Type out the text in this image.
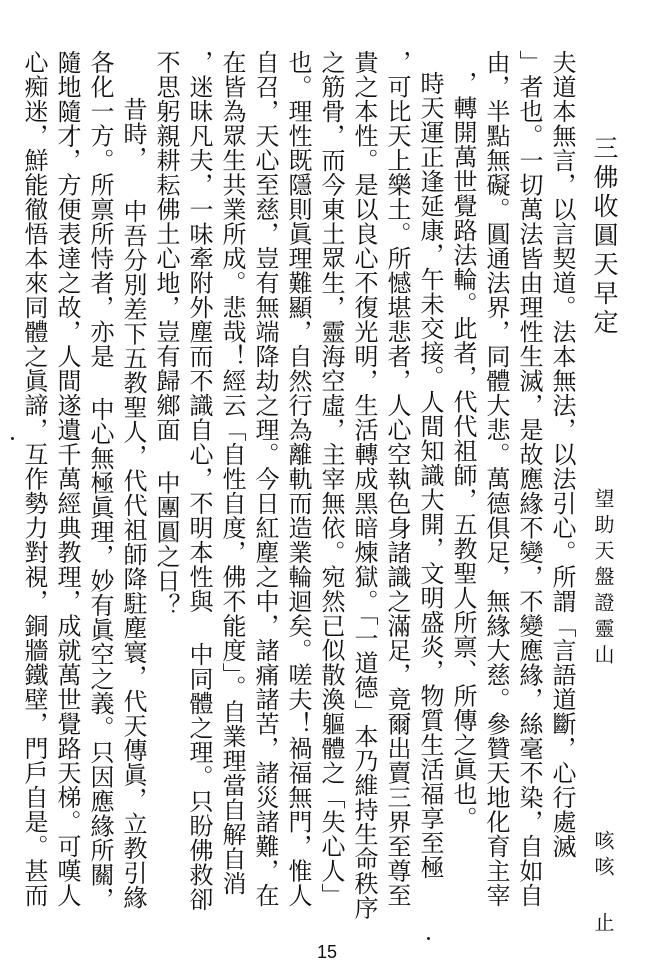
三佛收圓天早定
望助天盤證靈山
咳咳 止
夫道本無言，以言契道。法本無法，以法引心。所謂「言語道斷，心行處滅
」者也。一切萬法皆由理性生滅，是故應緣不變，不變應緣，絲毫不染，自如自
由，半點無礙。圓通法界，同體大悲。萬德俱足，無緣大慈。參贊天地化育主宰
，轉開萬世覺路法輪。此者，代代祖師，五教聖人所禀、所傳之眞也。
時天運正逢延康，午未交接。人間知識大開，文明盛炎，物質生活福享至極
，可比天上樂土。所憾堪悲者，人心空執色身諸識之滿足，竟爾出賣三界至尊至
貴之本性。是以良心不復光明，生活轉成黑暗煉獄。「一道德」本乃維持生命秩序
之筋骨，而今東土眾生，靈海空虛，主宰無依。宛然已似散渙軀體之「失心人」
也。理性既隱則眞理難顯，自然行為離軌而造業輪迴矣。嗟夫！禍福無門，惟人
自召，天心至慈，豈有無端降劫之理。今日紅塵之中，諸痛諸苦，諸災諸難，在
在皆為眾生共業所成。悲哉！經云「自性自度，佛不能度」。自業理當自解自消
，迷昧凡夫，一味牽附外塵而不識自心，不明本性與 中同體之理。只盼佛救卻
不思躬親耕耘佛土心地，豈有歸鄉面 中團圓之日？
昔時， 中吾分別差下五教聖人，代代祖師降駐塵寰，代天傳眞，立教引緣
各化一方。所禀所恃者，亦是 中心無極眞理，妙有眞空之義。只因應緣所關，
隨地隨才，方便表達之故，人間遂遺千萬經典教理，成就萬世覺路天梯。可嘆人
心痴迷，鮮能徹悟本來同體之眞諦，互作勢力對視，銅牆鐵壁，門戶自是。甚而
15
